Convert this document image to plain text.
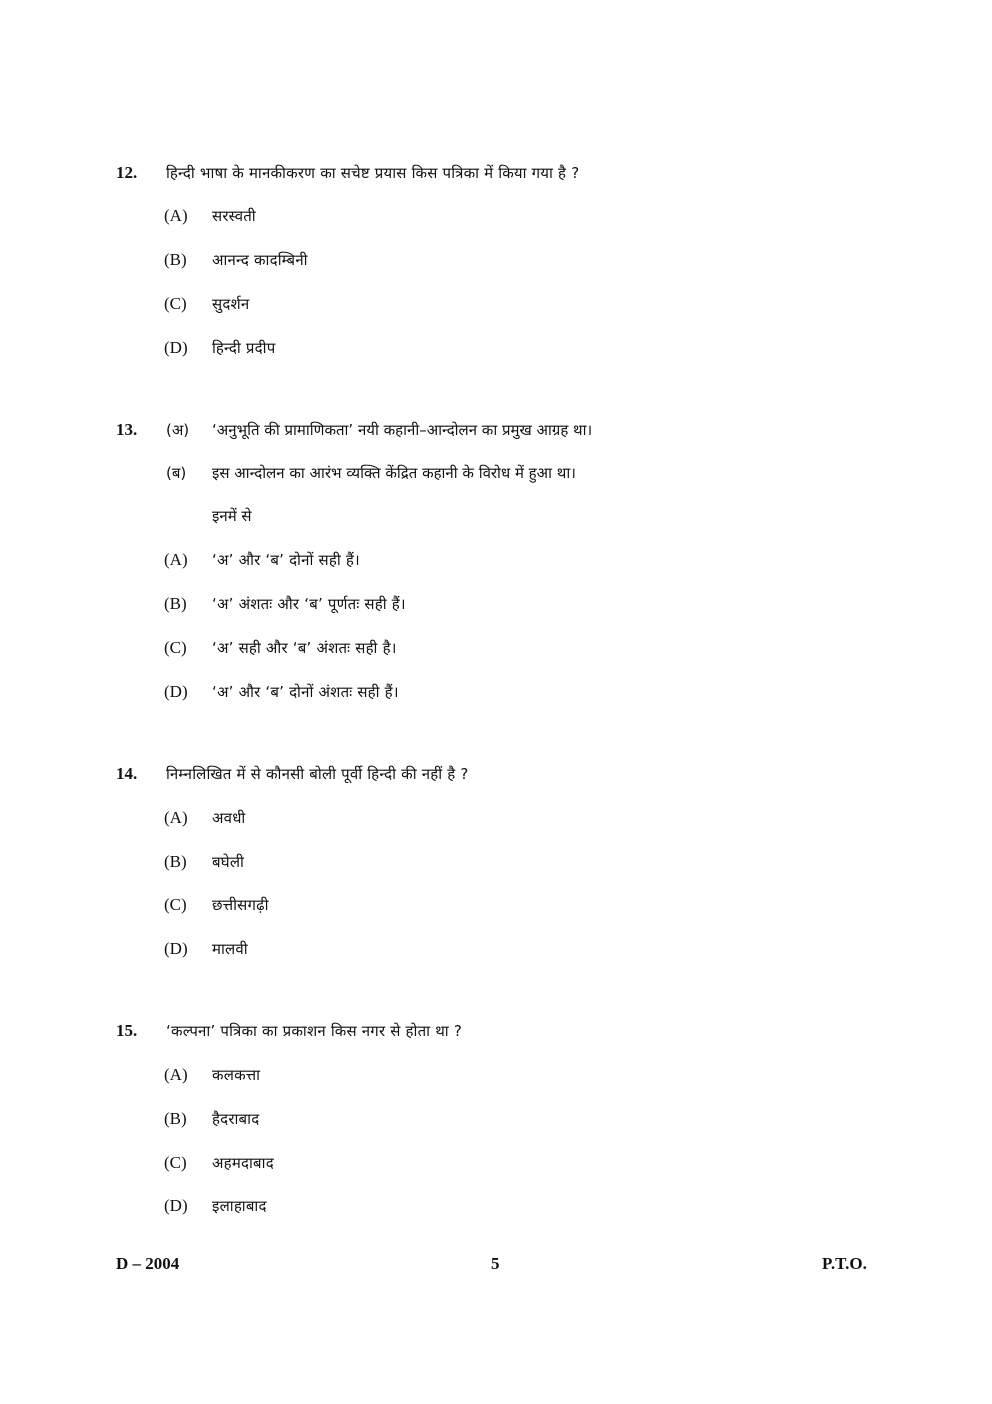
12. हिन्दी भाषा के मानकीकरण का सचेष्ट प्रयास किस पत्रिका में किया गया है ?
(A) सरस्वती
(B) आनन्द कादम्बिनी
(C) सुदर्शन
(D) हिन्दी प्रदीप
13. (अ) ‘अनुभूति की प्रामाणिकता’ नयी कहानी–आन्दोलन का प्रमुख आग्रह था।
(ब) इस आन्दोलन का आरंभ व्यक्ति केंद्रित कहानी के विरोध में हुआ था।
इनमें से
(A) ‘अ’ और ‘ब’ दोनों सही हैं।
(B) ‘अ’ अंशतः और ‘ब’ पूर्णतः सही हैं।
(C) ‘अ’ सही और ‘ब’ अंशतः सही है।
(D) ‘अ’ और ‘ब’ दोनों अंशतः सही हैं।
14. निम्नलिखित में से कौनसी बोली पूर्वी हिन्दी की नहीं है ?
(A) अवधी
(B) बघेली
(C) छत्तीसगढ़ी
(D) मालवी
15. ‘कल्पना’ पत्रिका का प्रकाशन किस नगर से होता था ?
(A) कलकत्ता
(B) हैदराबाद
(C) अहमदाबाद
(D) इलाहाबाद
D – 2004	5	P.T.O.
